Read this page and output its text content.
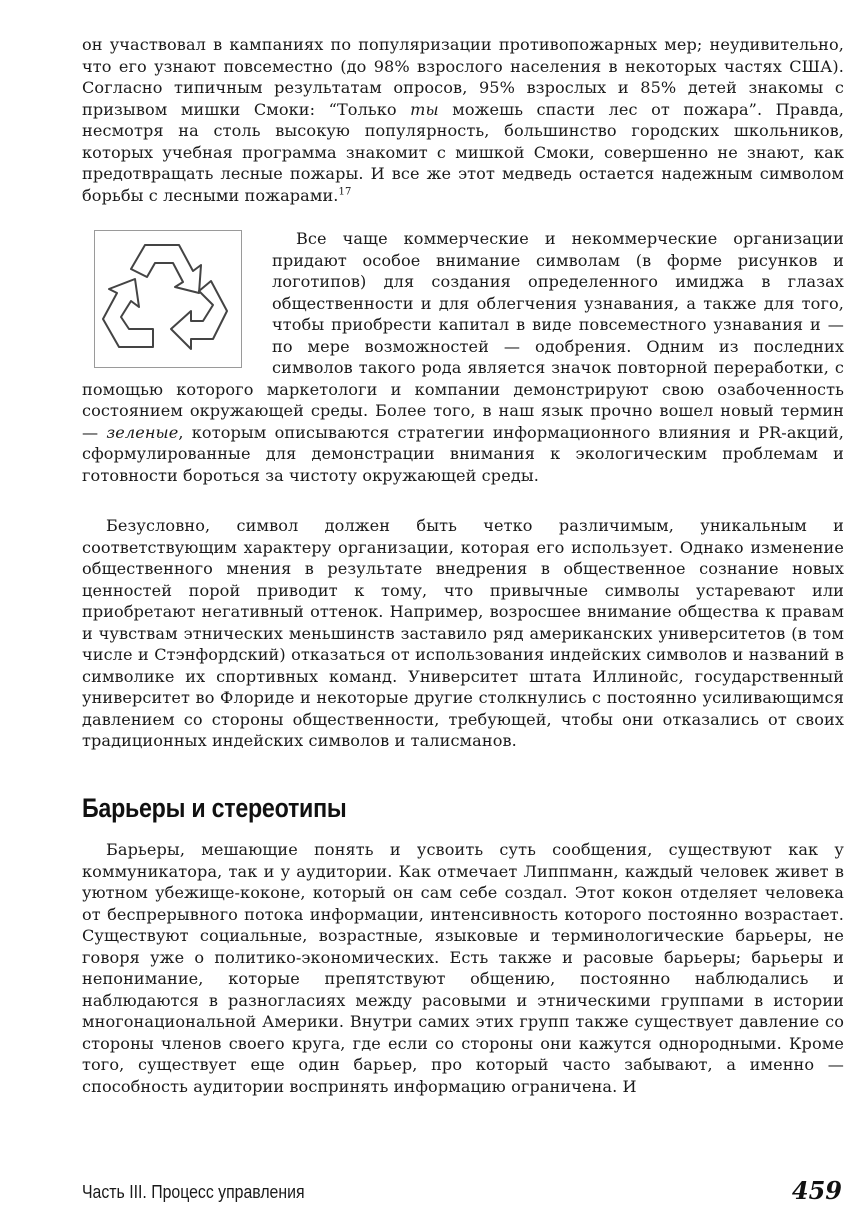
он участвовал в кампаниях по популяризации противопожарных мер; неудивительно, что его узнают повсеместно (до 98% взрослого населения в некоторых частях США). Согласно типичным результатам опросов, 95% взрослых и 85% детей знакомы с призывом мишки Смоки: “Только ты можешь спасти лес от пожара”. Правда, несмотря на столь высокую популярность, большинство городских школьников, которых учебная программа знакомит с мишкой Смоки, совершенно не знают, как предотвращать лесные пожары. И все же этот медведь остается надежным символом борьбы с лесными пожарами.$^{17}$

Все чаще коммерческие и некоммерческие организации придают особое внимание символам (в форме рисунков и логотипов) для создания определенного имиджа в глазах общественности и для облегчения узнавания, а также для того, чтобы приобрести капитал в виде повсеместного узнавания и — по мере возможностей — одобрения. Одним из последних символов такого рода является значок повторной переработки, с помощью которого маркетологи и компании демонстрируют свою озабоченность состоянием окружающей среды. Более того, в наш язык прочно вошел новый термин — зеленые, которым описываются стратегии информационного влияния и PR-акций, сформулированные для демонстрации внимания к экологическим проблемам и готовности бороться за чистоту окружающей среды.

Безусловно, символ должен быть четко различимым, уникальным и соответствующим характеру организации, которая его использует. Однако изменение общественного мнения в результате внедрения в общественное сознание новых ценностей порой приводит к тому, что привычные символы устаревают или приобретают негативный оттенок. Например, возросшее внимание общества к правам и чувствам этнических меньшинств заставило ряд американских университетов (в том числе и Стэнфордский) отказаться от использования индейских символов и названий в символике их спортивных команд. Университет штата Иллинойс, государственный университет во Флориде и некоторые другие столкнулись с постоянно усиливающимся давлением со стороны общественности, требующей, чтобы они отказались от своих традиционных индейских символов и талисманов.

Барьеры и стереотипы

Барьеры, мешающие понять и усвоить суть сообщения, существуют как у коммуникатора, так и у аудитории. Как отмечает Липпманн, каждый человек живет в уютном убежище-коконе, который он сам себе создал. Этот кокон отделяет человека от беспрерывного потока информации, интенсивность которого постоянно возрастает. Существуют социальные, возрастные, языковые и терминологические барьеры, не говоря уже о политико-экономических. Есть также и расовые барьеры; барьеры и непонимание, которые препятствуют общению, постоянно наблюдались и наблюдаются в разногласиях между расовыми и этническими группами в истории многонациональной Америки. Внутри самих этих групп также существует давление со стороны членов своего круга, где если со стороны они кажутся однородными. Кроме того, существует еще один барьер, про который часто забывают, а именно — способность аудитории воспринять информацию ограничена. И

Часть III. Процесс управления	459
